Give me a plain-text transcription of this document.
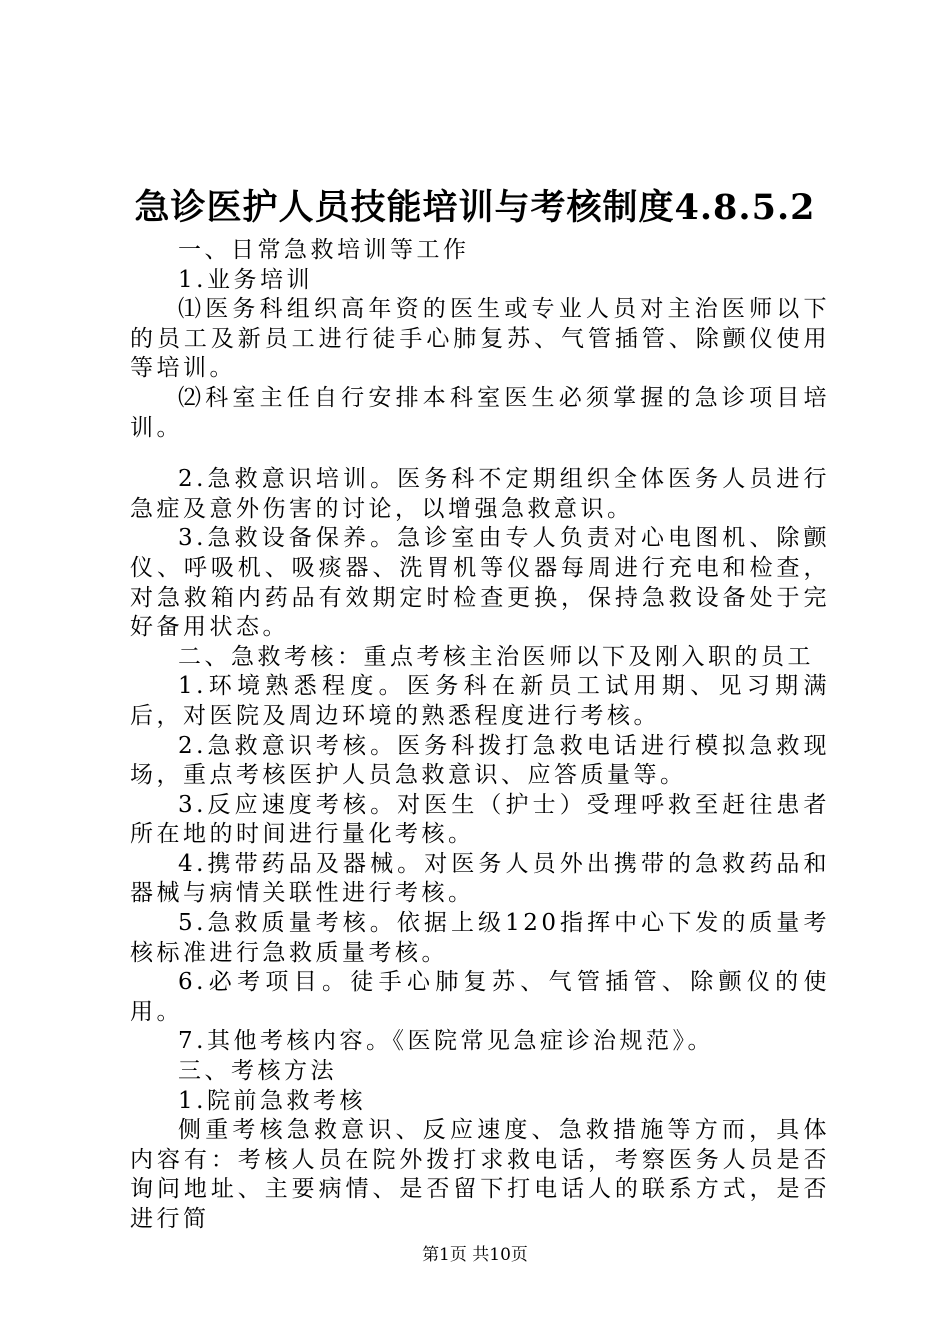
急诊医护人员技能培训与考核制度4.8.5.2

一、日常急救培训等工作

1.业务培训

⑴医务科组织高年资的医生或专业人员对主治医师以下的员工及新员工进行徒手心肺复苏、气管插管、除颤仪使用等培训。

⑵科室主任自行安排本科室医生必须掌握的急诊项目培训。

2.急救意识培训。医务科不定期组织全体医务人员进行急症及意外伤害的讨论，以增强急救意识。

3.急救设备保养。急诊室由专人负责对心电图机、除颤仪、呼吸机、吸痰器、洗胃机等仪器每周进行充电和检查，对急救箱内药品有效期定时检查更换，保持急救设备处于完好备用状态。

二、急救考核：重点考核主治医师以下及刚入职的员工

1.环境熟悉程度。医务科在新员工试用期、见习期满后，对医院及周边环境的熟悉程度进行考核。

2.急救意识考核。医务科拨打急救电话进行模拟急救现场，重点考核医护人员急救意识、应答质量等。

3.反应速度考核。对医生（护士）受理呼救至赶往患者所在地的时间进行量化考核。

4.携带药品及器械。对医务人员外出携带的急救药品和器械与病情关联性进行考核。

5.急救质量考核。依据上级120指挥中心下发的质量考核标准进行急救质量考核。

6.必考项目。徒手心肺复苏、气管插管、除颤仪的使用。

7.其他考核内容。《医院常见急症诊治规范》。

三、考核方法

1.院前急救考核

侧重考核急救意识、反应速度、急救措施等方而，具体内容有：考核人员在院外拨打求救电话，考察医务人员是否询问地址、主要病情、是否留下打电话人的联系方式，是否进行简

第1页 共10页
